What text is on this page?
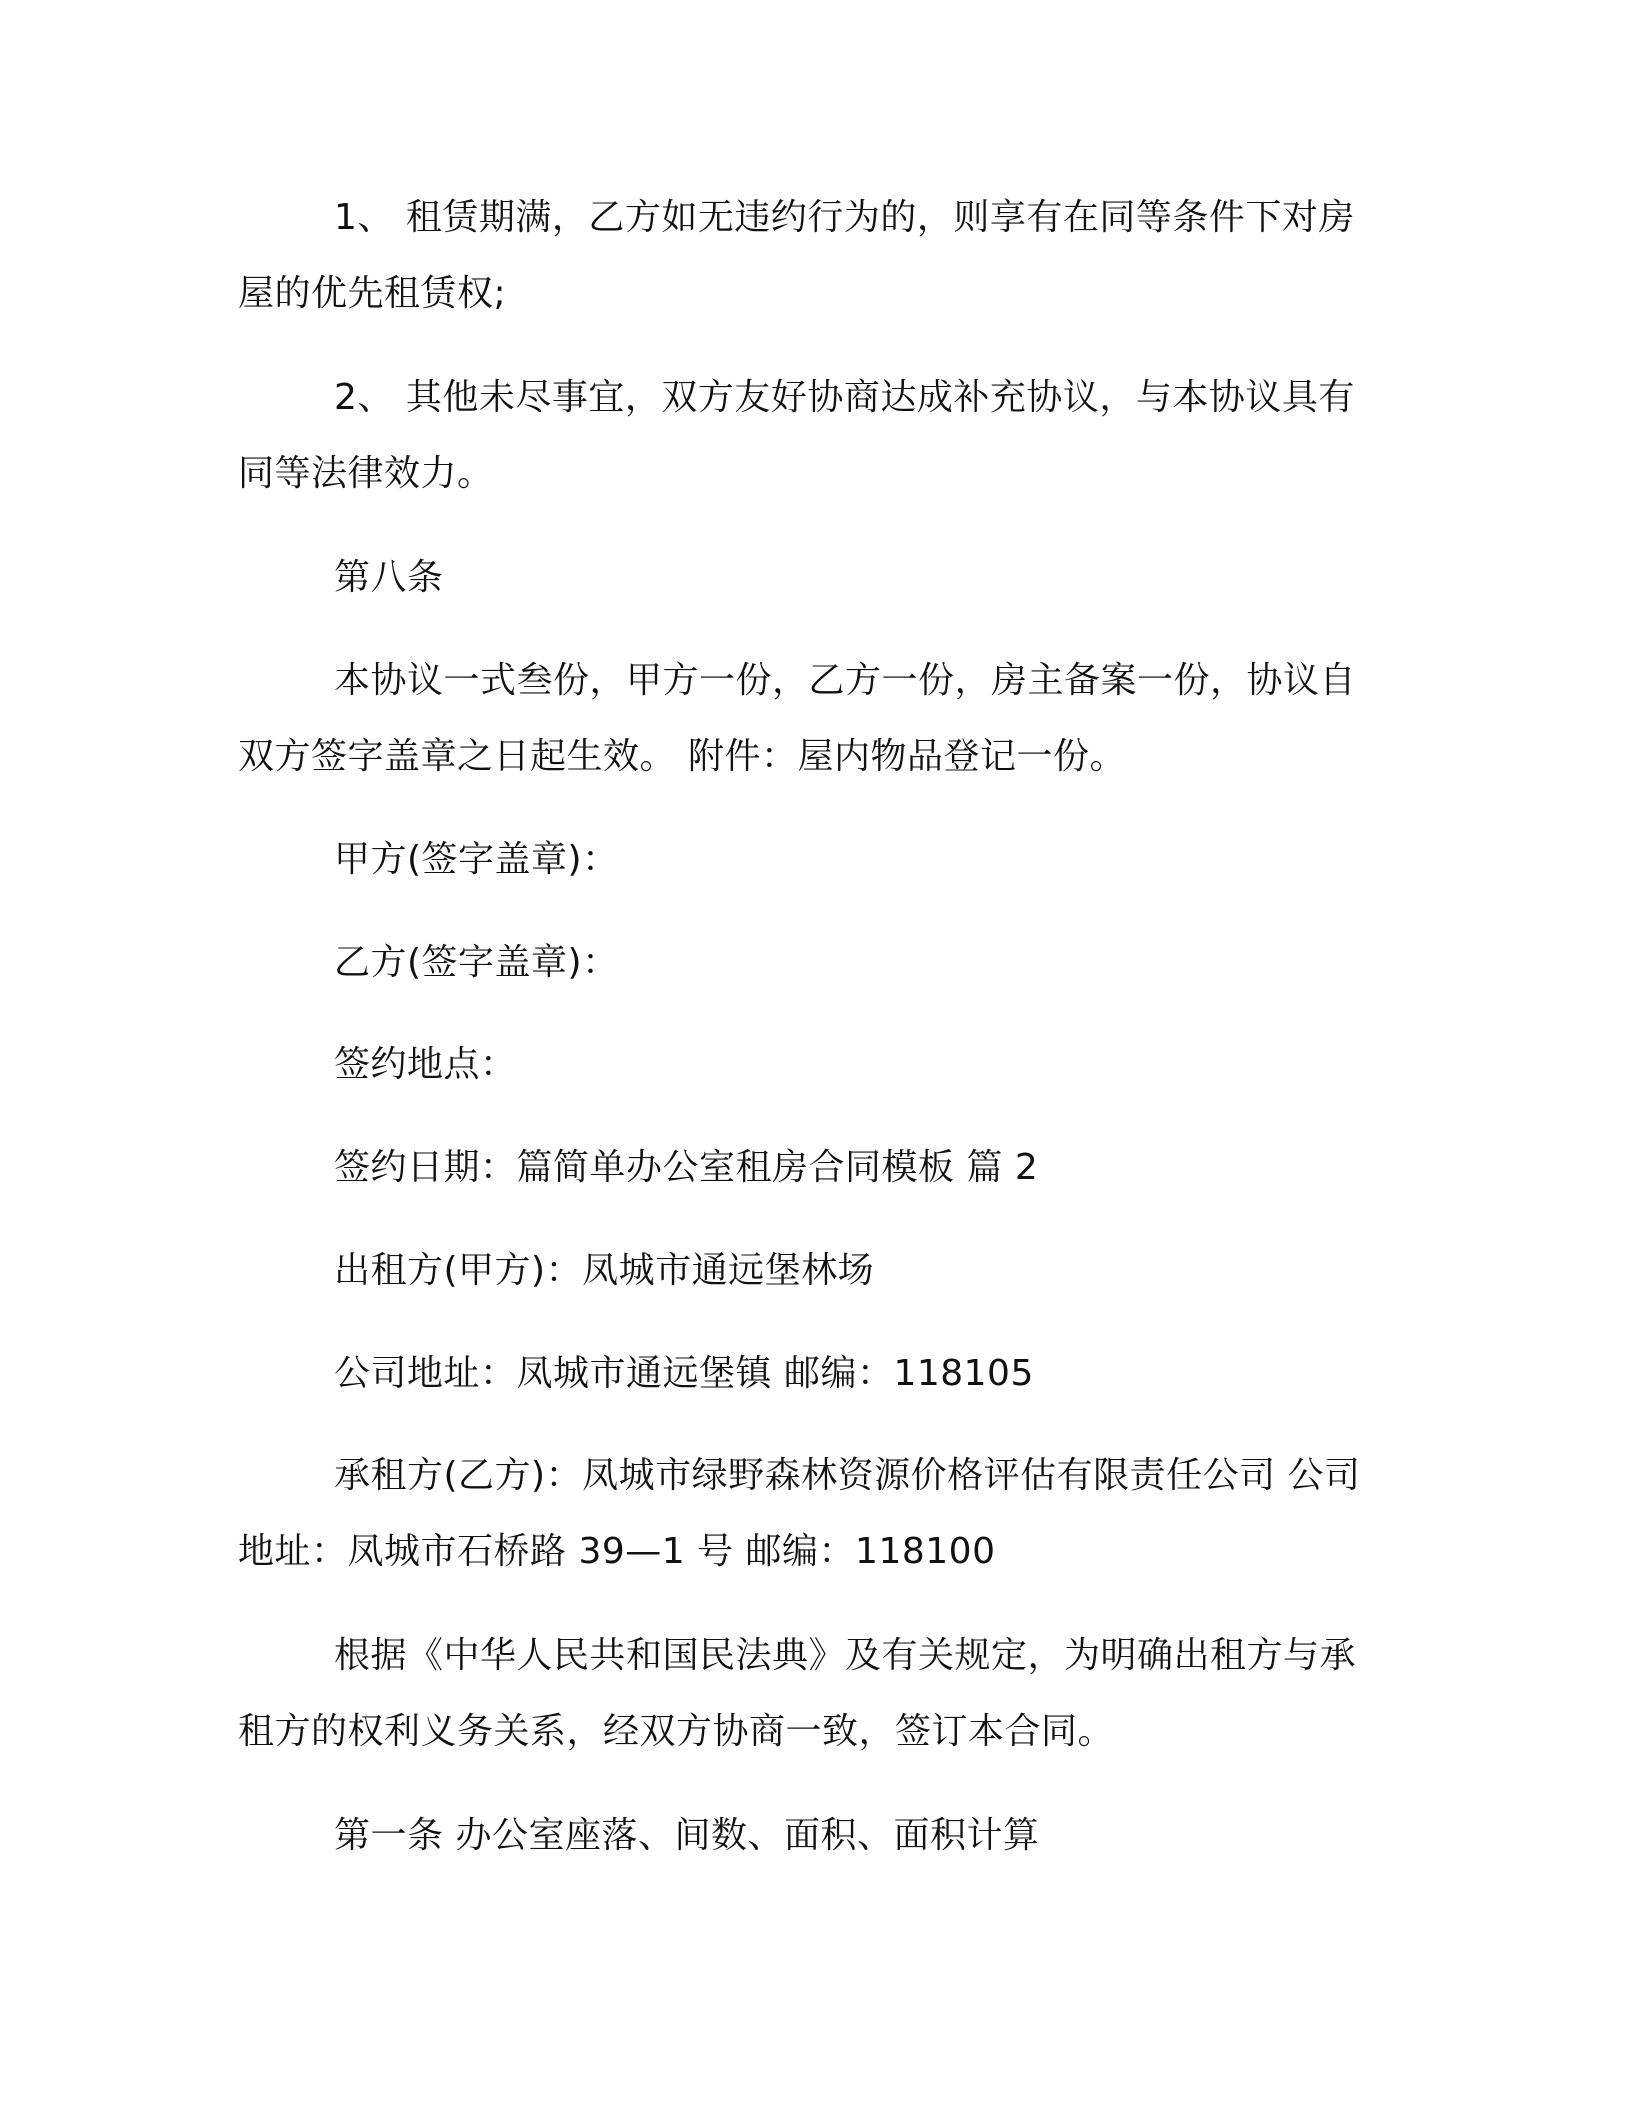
1、 租赁期满，乙方如无违约行为的，则享有在同等条件下对房屋的优先租赁权;

2、 其他未尽事宜，双方友好协商达成补充协议，与本协议具有同等法律效力。

第八条

本协议一式叁份，甲方一份，乙方一份，房主备案一份，协议自双方签字盖章之日起生效。 附件：屋内物品登记一份。

甲方(签字盖章)：

乙方(签字盖章)：

签约地点：

签约日期：篇简单办公室租房合同模板 篇 2

出租方(甲方)：凤城市通远堡林场

公司地址：凤城市通远堡镇 邮编：118105

承租方(乙方)：凤城市绿野森林资源价格评估有限责任公司 公司地址：凤城市石桥路 39—1 号 邮编：118100

根据《中华人民共和国民法典》及有关规定，为明确出租方与承租方的权利义务关系，经双方协商一致，签订本合同。

第一条 办公室座落、间数、面积、面积计算
